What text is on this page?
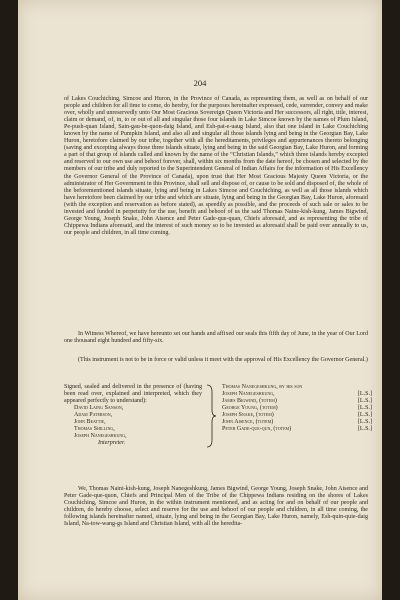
204
of Lakes Couchiching, Simcoe and Huron, in the Province of Canada, as representing them, as well as on behalf of our people and children for all time to come, do hereby, for the purposes hereinafter expressed, cede, surrender, convey and make over, wholly and unreservedly unto Our Most Gracious Sovereign Queen Victoria and Her successors, all right, title, interest, claim or demand, of, in, to or out of all and singular those four islands in Lake Simcoe known by the names of Plum Island, Pe-push-quan Island, Sain-gau-be-quon-daig Island, and Esh-pat-e-uaug Island, also that one island in Lake Couchiching known by the name of Pumpkin Island, and also all and singular all those islands lying and being in the Georgian Bay, Lake Huron, heretofore claimed by our tribe, together with all the hereditaments, privileges and appurtenances thereto belonging (saving and excepting always those three islands situate, lying and being in the said Georgian Bay, Lake Huron, and forming a part of that group of islands called and known by the name of the “Christian Islands,” which three islands hereby excepted and reserved to our own use and behoof forever, shall, within six months from the date hereof, be chosen and selected by the members of our tribe and duly reported to the Superintendent General of Indian Affairs for the information of His Excellency the Governor General of the Province of Canada), upon trust that Her Most Gracious Majesty Queen Victoria, or the administrator of Her Government in this Province, shall sell and dispose of, or cause to be sold and disposed of, the whole of the beforementioned islands situate, lying and being in Lakes Simcoe and Couchiching, as well as all those islands which have heretofore been claimed by our tribe and which are situate, lying and being in the Georgian Bay, Lake Huron, aforesaid (with the exception and reservation as before stated), as speedily as possible, and the proceeds of such sale or sales to be invested and funded in perpetuity for the use, benefit and behoof of us the said Thomas Naine-kish-kung, James Bigwind, George Young, Joseph Snake, John Aisence and Peter Gade-que-quan, Chiefs aforesaid, and as representing the tribe of Chippewa Indians aforesaid, and the interest of such money so to be invested as aforesaid shall be paid over annually to us, our people and children, in all time coming.
In Witness Whereof, we have hereunto set our hands and affixed our seals this fifth day of June, in the year of Our Lord one thousand eight hundred and fifty-six.
(This instrument is not to be in force or valid unless it meet with the approval of His Excellency the Governor General.)
Signed, sealed and delivered in the presence of (having been read over, explained and interpreted, which they appeared perfectly to understand):
David Laing Sanson,
Adam Paterson,
John Beattie,
Thomas Shilling,
Joseph Nanegeshkung,
Interpreter.
Thomas Nanegeshkung, by his son
Joseph Nanegeshkung,	[L.S.]
James Bigwind, (totem)	[L.S.]
George Young, (totem)	[L.S.]
Joseph Snake, (totem)	[L.S.]
John Aisence, (totem)	[L.S.]
Peter Gade-que-qun, (totem)	[L.S.]
We, Thomas Naini-kish-kung, Joseph Nanegeshkung, James Bigwind, George Young, Joseph Snake, John Aisence and Peter Gade-que-quon, Chiefs and Principal Men of the Tribe of the Chippewa Indians residing on the shores of Lakes Couchiching, Simcoe and Huron, in the within instrument mentioned, and as acting for and on behalf of our people and children, do hereby choose, select and reserve for the use and behoof of our people and children, in all time coming, the following islands hereinafter named, situate, lying and being in the Georgian Bay, Lake Huron, namely, Esh-quin-quie-daig Island, Na-tow-wang-gs Island and Christian Island, with all the heredita-
